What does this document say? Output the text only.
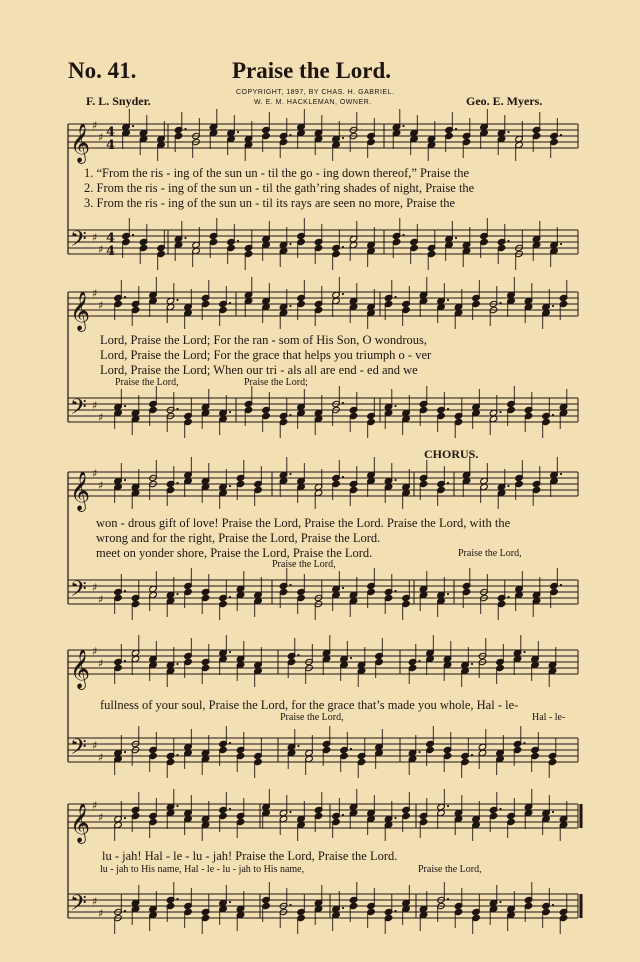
No. 41.	Praise the Lord.
F. L. Snyder.	Geo. E. Myers.
COPYRIGHT, 1897, BY CHAS. H. GABRIEL.
W. E. M. HACKLEMAN, OWNER.
CHORUS.
𝄞 ♯
♯ 4
4
𝄢 ♯
♯
4
4
𝄞 ♯
♯
𝄢 ♯
♯
𝄞 ♯
♯
𝄢 ♯
♯
𝄞 ♯
♯
𝄢 ♯
♯
𝄞 ♯
♯
𝄢 ♯
♯
1. “From the ris - ing of the sun un - til the go - ing down thereof,” Praise the
2. From the ris - ing of the sun un - til the gath’ring shades of night, Praise the
3. From the ris - ing of the sun un - til its rays are seen no more, Praise the
Lord, Praise the Lord; For the ran - som of His Son, O wondrous,
Lord, Praise the Lord; For the grace that helps you triumph o - ver
Lord, Praise the Lord; When our tri - als all are end - ed and we
Praise the Lord,	Praise the Lord;
won - drous gift of love! Praise the Lord, Praise the Lord. Praise the Lord, with the
wrong and for the right, Praise the Lord, Praise the Lord.
meet on yonder shore, Praise the Lord, Praise the Lord.
Praise the Lord,
Praise the Lord,
fullness of your soul, Praise the Lord, for the grace that’s made you whole, Hal - le-
Praise the Lord,	Hal - le-
lu - jah! Hal - le - lu - jah! Praise the Lord, Praise the Lord.
lu - jah to His name, Hal - le - lu - jah to His name,	Praise the Lord,
